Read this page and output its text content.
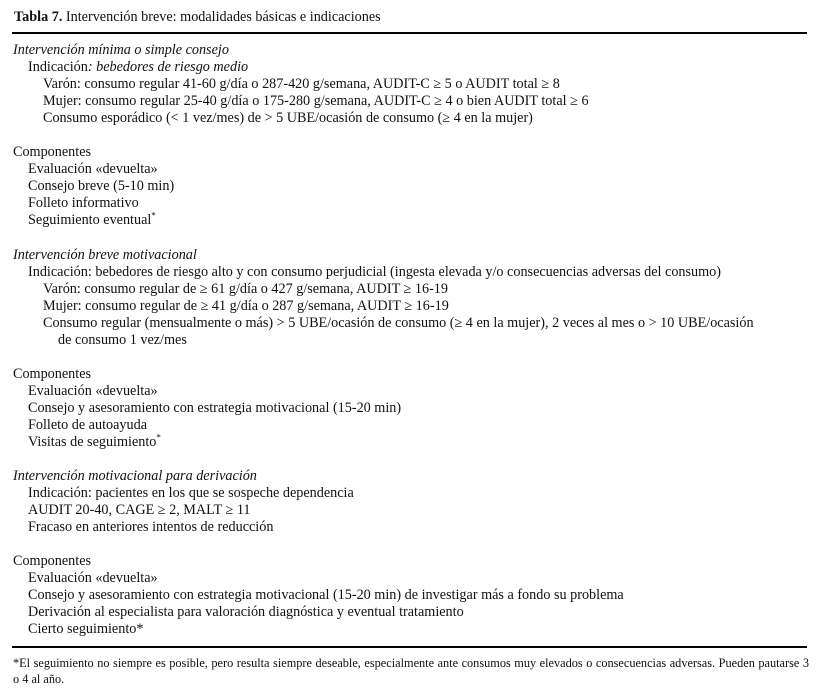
Tabla 7. Intervención breve: modalidades básicas e indicaciones
Intervención mínima o simple consejo
Indicación: bebedores de riesgo medio
Varón: consumo regular 41-60 g/día o 287-420 g/semana, AUDIT-C ≥ 5 o AUDIT total ≥ 8
Mujer: consumo regular 25-40 g/día o 175-280 g/semana, AUDIT-C ≥ 4 o bien AUDIT total ≥ 6
Consumo esporádico (< 1 vez/mes) de > 5 UBE/ocasión de consumo (≥ 4 en la mujer)
Componentes
Evaluación «devuelta»
Consejo breve (5-10 min)
Folleto informativo
Seguimiento eventual*
Intervención breve motivacional
Indicación: bebedores de riesgo alto y con consumo perjudicial (ingesta elevada y/o consecuencias adversas del consumo)
Varón: consumo regular de ≥ 61 g/día o 427 g/semana, AUDIT ≥ 16-19
Mujer: consumo regular de ≥ 41 g/día o 287 g/semana, AUDIT ≥ 16-19
Consumo regular (mensualmente o más) > 5 UBE/ocasión de consumo (≥ 4 en la mujer), 2 veces al mes o > 10 UBE/ocasión
de consumo 1 vez/mes
Componentes
Evaluación «devuelta»
Consejo y asesoramiento con estrategia motivacional (15-20 min)
Folleto de autoayuda
Visitas de seguimiento*
Intervención motivacional para derivación
Indicación: pacientes en los que se sospeche dependencia
AUDIT 20-40, CAGE ≥ 2, MALT ≥ 11
Fracaso en anteriores intentos de reducción
Componentes
Evaluación «devuelta»
Consejo y asesoramiento con estrategia motivacional (15-20 min) de investigar más a fondo su problema
Derivación al especialista para valoración diagnóstica y eventual tratamiento
Cierto seguimiento*
*El seguimiento no siempre es posible, pero resulta siempre deseable, especialmente ante consumos muy elevados o consecuencias adversas. Pueden pautarse 3 o 4 al año.
